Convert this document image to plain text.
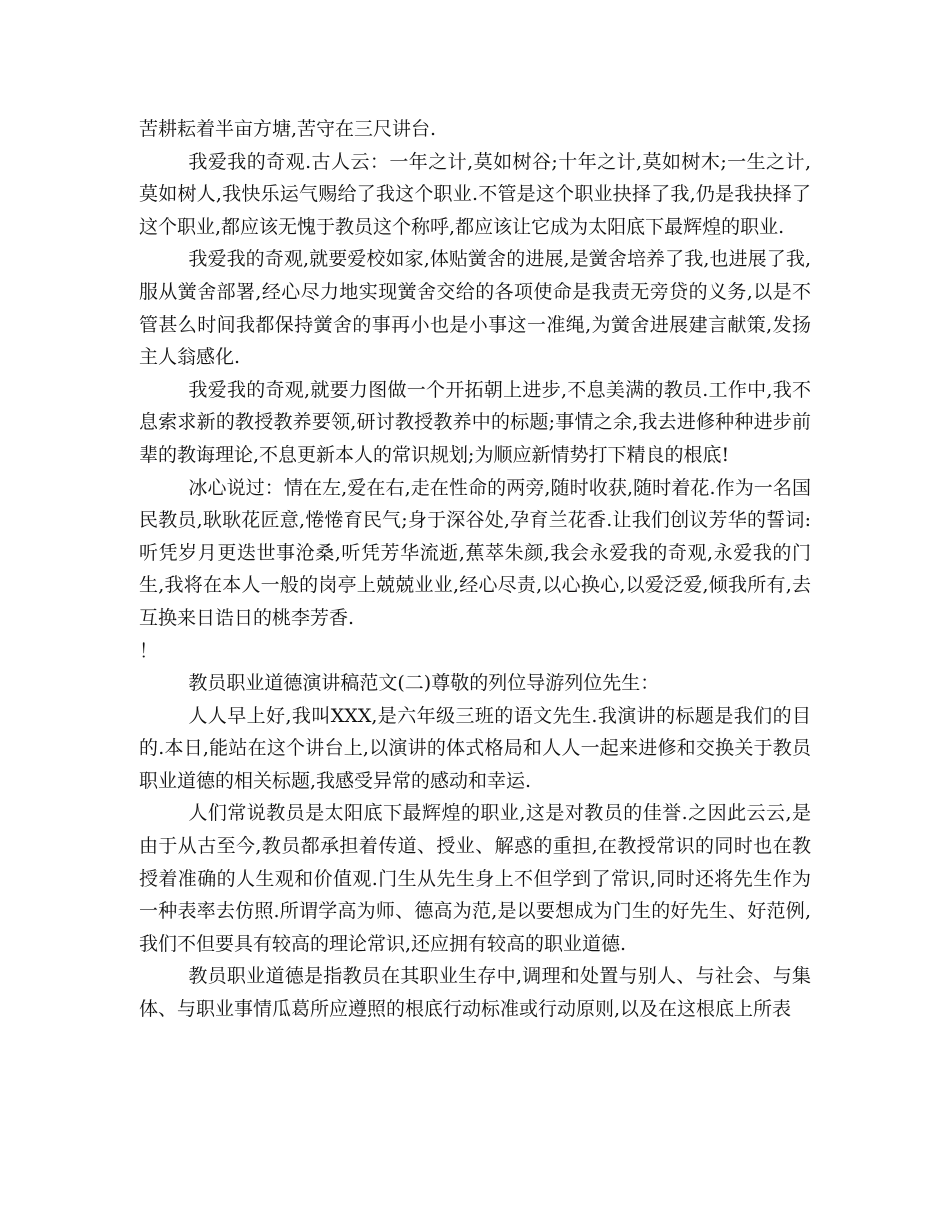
苦耕耘着半亩方塘,苦守在三尺讲台.

我爱我的奇观.古人云：一年之计,莫如树谷;十年之计,莫如树木;一生之计,莫如树人,我快乐运气赐给了我这个职业.不管是这个职业抉择了我,仍是我抉择了这个职业,都应该无愧于教员这个称呼,都应该让它成为太阳底下最辉煌的职业.

我爱我的奇观,就要爱校如家,体贴黉舍的进展,是黉舍培养了我,也进展了我,服从黉舍部署,经心尽力地实现黉舍交给的各项使命是我责无旁贷的义务,以是不管甚么时间我都保持黉舍的事再小也是小事这一准绳,为黉舍进展建言献策,发扬主人翁感化.

我爱我的奇观,就要力图做一个开拓朝上进步,不息美满的教员.工作中,我不息索求新的教授教养要领,研讨教授教养中的标题;事情之余,我去进修种种进步前辈的教诲理论,不息更新本人的常识规划;为顺应新情势打下精良的根底!

冰心说过：情在左,爱在右,走在性命的两旁,随时收获,随时着花.作为一名国民教员,耿耿花匠意,惓惓育民气;身于深谷处,孕育兰花香.让我们创议芳华的誓词:听凭岁月更迭世事沧桑,听凭芳华流逝,蕉萃朱颜,我会永爱我的奇观,永爱我的门生,我将在本人一般的岗亭上兢兢业业,经心尽责,以心换心,以爱泛爱,倾我所有,去互换来日诰日的桃李芳香.

！

教员职业道德演讲稿范文(二)尊敬的列位导游列位先生：

人人早上好,我叫XXX,是六年级三班的语文先生.我演讲的标题是我们的目的.本日,能站在这个讲台上,以演讲的体式格局和人人一起来进修和交换关于教员职业道德的相关标题,我感受异常的感动和幸运.

人们常说教员是太阳底下最辉煌的职业,这是对教员的佳誉.之因此云云,是由于从古至今,教员都承担着传道、授业、解惑的重担,在教授常识的同时也在教授着准确的人生观和价值观.门生从先生身上不但学到了常识,同时还将先生作为一种表率去仿照.所谓学高为师、德高为范,是以要想成为门生的好先生、好范例,我们不但要具有较高的理论常识,还应拥有较高的职业道德.

教员职业道德是指教员在其职业生存中,调理和处置与别人、与社会、与集体、与职业事情瓜葛所应遵照的根底行动标准或行动原则,以及在这根底上所表
